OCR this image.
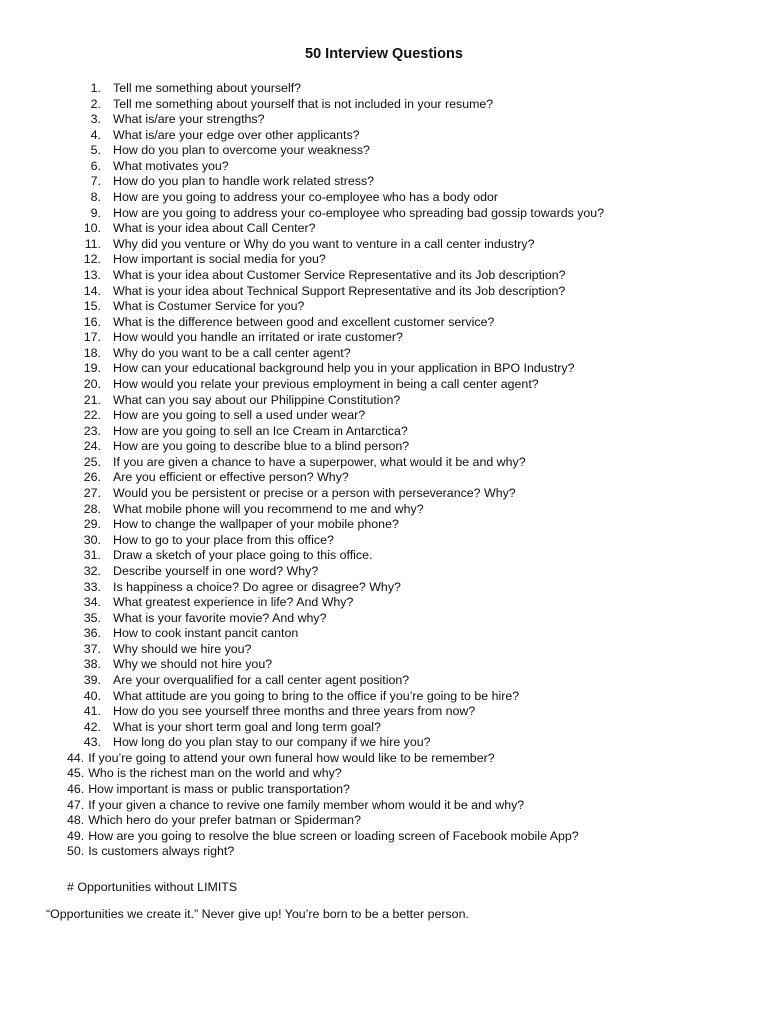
50 Interview Questions
1. Tell me something about yourself?
2. Tell me something about yourself that is not included in your resume?
3. What is/are your strengths?
4. What is/are your edge over other applicants?
5. How do you plan to overcome your weakness?
6. What motivates you?
7. How do you plan to handle work related stress?
8. How are you going to address your co-employee who has a body odor
9. How are you going to address your co-employee who spreading bad gossip towards you?
10. What is your idea about Call Center?
11. Why did you venture or Why do you want to venture in a call center industry?
12. How important is social media for you?
13. What is your idea about Customer Service Representative and its Job description?
14. What is your idea about Technical Support Representative and its Job description?
15. What is Costumer Service for you?
16. What is the difference between good and excellent customer service?
17. How would you handle an irritated or irate customer?
18. Why do you want to be a call center agent?
19. How can your educational background help you in your application in BPO Industry?
20. How would you relate your previous employment in being a call center agent?
21. What can you say about our Philippine Constitution?
22. How are you going to sell a used under wear?
23. How are you going to sell an Ice Cream in Antarctica?
24. How are you going to describe blue to a blind person?
25. If you are given a chance to have a superpower, what would it be and why?
26. Are you efficient or effective person? Why?
27. Would you be persistent or precise or a person with perseverance? Why?
28. What mobile phone will you recommend to me and why?
29. How to change the wallpaper of your mobile phone?
30. How to go to your place from this office?
31. Draw a sketch of your place going to this office.
32. Describe yourself in one word? Why?
33. Is happiness a choice? Do agree or disagree? Why?
34. What greatest experience in life? And Why?
35. What is your favorite movie? And why?
36. How to cook instant pancit canton
37. Why should we hire you?
38. Why we should not hire you?
39. Are your overqualified for a call center agent position?
40. What attitude are you going to bring to the office if you’re going to be hire?
41. How do you see yourself three months and three years from now?
42. What is your short term goal and long term goal?
43. How long do you plan stay to our company if we hire you?
44. If you’re going to attend your own funeral how would like to be remember?
45. Who is the richest man on the world and why?
46. How important is mass or public transportation?
47. If your given a chance to revive one family member whom would it be and why?
48. Which hero do your prefer batman or Spiderman?
49. How are you going to resolve the blue screen or loading screen of Facebook mobile App?
50. Is customers always right?
# Opportunities without LIMITS
“Opportunities we create it.” Never give up! You’re born to be a better person.
